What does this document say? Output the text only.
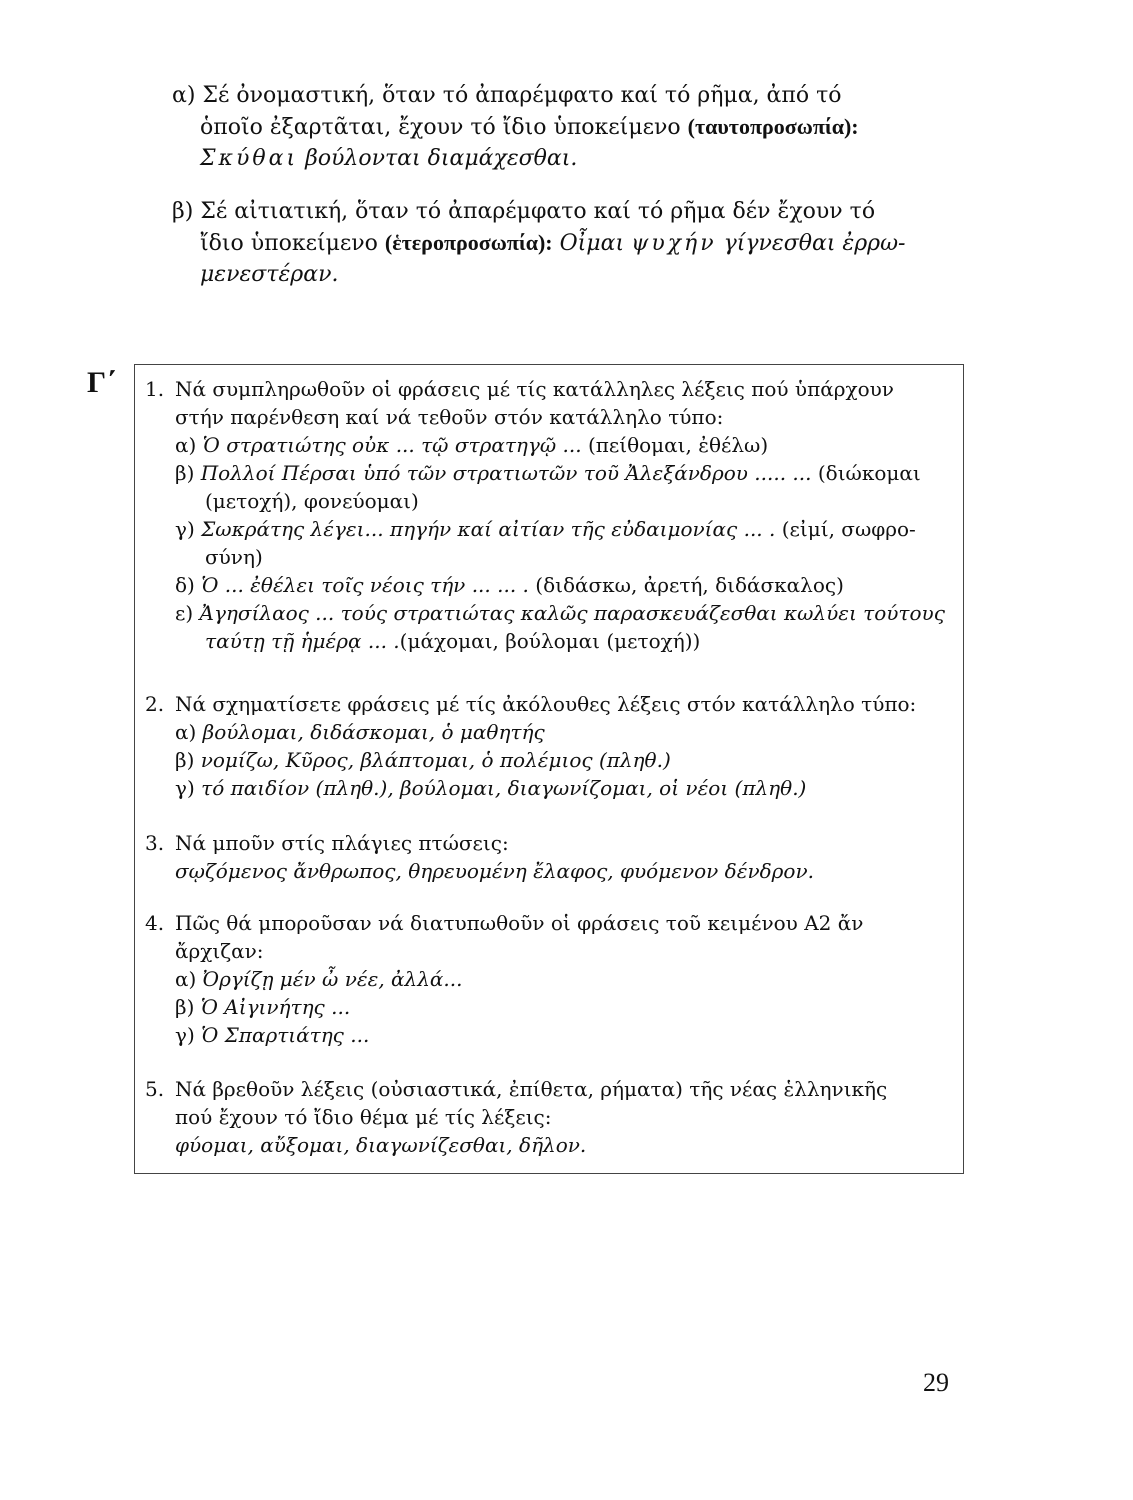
α) Σέ ὀνομαστική, ὅταν τό ἀπαρέμφατο καί τό ρῆμα, ἀπό τό
ὁποῖο ἐξαρτᾶται, ἔχουν τό ἴδιο ὑποκείμενο (ταυτοπροσωπία):
Σκύθαι βούλονται διαμάχεσθαι.
β) Σέ αἰτιατική, ὅταν τό ἀπαρέμφατο καί τό ρῆμα δέν ἔχουν τό
ἴδιο ὑποκείμενο (ἑτεροπροσωπία): Οἶμαι ψυχήν γίγνεσθαι ἐρρω-
μενεστέραν.
Γ΄ 1. Νά συμπληρωθοῦν οἱ φράσεις μέ τίς κατάλληλες λέξεις πού ὑπάρχουν
στήν παρένθεση καί νά τεθοῦν στόν κατάλληλο τύπο:
α) Ὁ στρατιώτης οὐκ ... τῷ στρατηγῷ ... (πείθομαι, ἐθέλω)
β) Πολλοί Πέρσαι ὑπό τῶν στρατιωτῶν τοῦ Ἀλεξάνδρου ..... ... (διώκομαι
(μετοχή), φονεύομαι)
γ) Σωκράτης λέγει... πηγήν καί αἰτίαν τῆς εὐδαιμονίας ... . (εἰμί, σωφρο-
σύνη)
δ) Ὁ ... ἐθέλει τοῖς νέοις τήν ... ... . (διδάσκω, ἀρετή, διδάσκαλος)
ε) Ἀγησίλαος ... τούς στρατιώτας καλῶς παρασκευάζεσθαι κωλύει τούτους
ταύτῃ τῇ ἡμέρᾳ ... .(μάχομαι, βούλομαι (μετοχή))
2. Νά σχηματίσετε φράσεις μέ τίς ἀκόλουθες λέξεις στόν κατάλληλο τύπο:
α) βούλομαι, διδάσκομαι, ὁ μαθητής
β) νομίζω, Κῦρος, βλάπτομαι, ὁ πολέμιος (πληθ.)
γ) τό παιδίον (πληθ.), βούλομαι, διαγωνίζομαι, οἱ νέοι (πληθ.)
3. Νά μποῦν στίς πλάγιες πτώσεις:
σῳζόμενος ἄνθρωπος, θηρευομένη ἔλαφος, φυόμενον δένδρον.
4. Πῶς θά μποροῦσαν νά διατυπωθοῦν οἱ φράσεις τοῦ κειμένου Α2 ἄν
ἄρχιζαν:
α) Ὀργίζῃ μέν ὦ νέε, ἀλλά...
β) Ὁ Αἰγινήτης ...
γ) Ὁ Σπαρτιάτης ...
5. Νά βρεθοῦν λέξεις (οὐσιαστικά, ἐπίθετα, ρήματα) τῆς νέας ἑλληνικῆς
πού ἔχουν τό ἴδιο θέμα μέ τίς λέξεις:
φύομαι, αὔξομαι, διαγωνίζεσθαι, δῆλον.
29
